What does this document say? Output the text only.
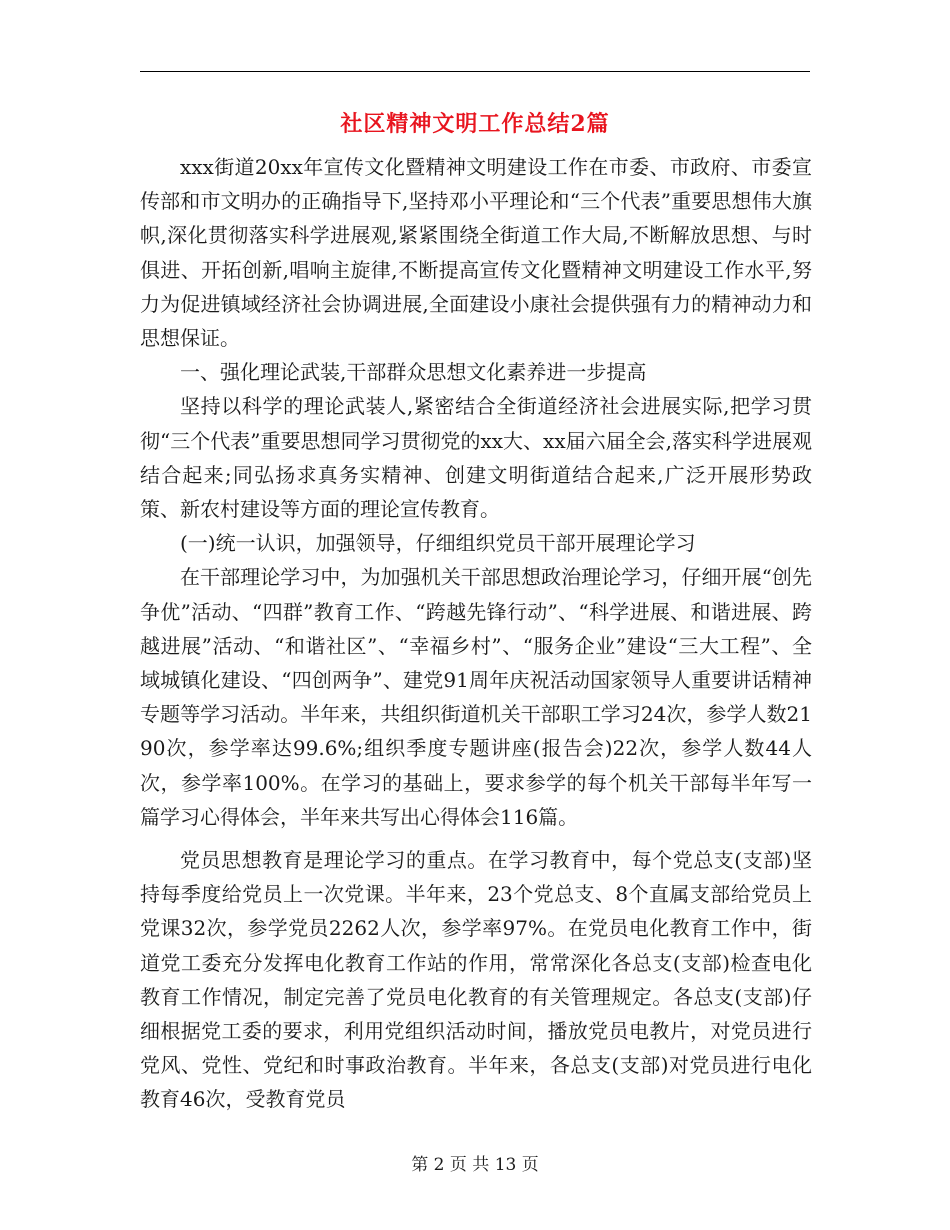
社区精神文明工作总结2篇

xxx街道20xx年宣传文化暨精神文明建设工作在市委、市政府、市委宣传部和市文明办的正确指导下,坚持邓小平理论和“三个代表”重要思想伟大旗帜,深化贯彻落实科学进展观,紧紧围绕全街道工作大局,不断解放思想、与时俱进、开拓创新,唱响主旋律,不断提高宣传文化暨精神文明建设工作水平,努力为促进镇域经济社会协调进展,全面建设小康社会提供强有力的精神动力和思想保证。

一、强化理论武装,干部群众思想文化素养进一步提高

坚持以科学的理论武装人,紧密结合全街道经济社会进展实际,把学习贯彻“三个代表”重要思想同学习贯彻党的xx大、xx届六届全会,落实科学进展观结合起来;同弘扬求真务实精神、创建文明街道结合起来,广泛开展形势政策、新农村建设等方面的理论宣传教育。

(一)统一认识，加强领导，仔细组织党员干部开展理论学习

在干部理论学习中，为加强机关干部思想政治理论学习，仔细开展“创先争优”活动、“四群”教育工作、“跨越先锋行动”、“科学进展、和谐进展、跨越进展”活动、“和谐社区”、“幸福乡村”、“服务企业”建设“三大工程”、全域城镇化建设、“四创两争”、建党91周年庆祝活动国家领导人重要讲话精神专题等学习活动。半年来，共组织街道机关干部职工学习24次，参学人数2190次，参学率达99.6%;组织季度专题讲座(报告会)22次，参学人数44人次，参学率100%。在学习的基础上，要求参学的每个机关干部每半年写一篇学习心得体会，半年来共写出心得体会116篇。

党员思想教育是理论学习的重点。在学习教育中，每个党总支(支部)坚持每季度给党员上一次党课。半年来，23个党总支、8个直属支部给党员上党课32次，参学党员2262人次，参学率97%。在党员电化教育工作中，街道党工委充分发挥电化教育工作站的作用，常常深化各总支(支部)检查电化教育工作情况，制定完善了党员电化教育的有关管理规定。各总支(支部)仔细根据党工委的要求，利用党组织活动时间，播放党员电教片，对党员进行党风、党性、党纪和时事政治教育。半年来，各总支(支部)对党员进行电化教育46次，受教育党员

第 2 页 共 13 页
